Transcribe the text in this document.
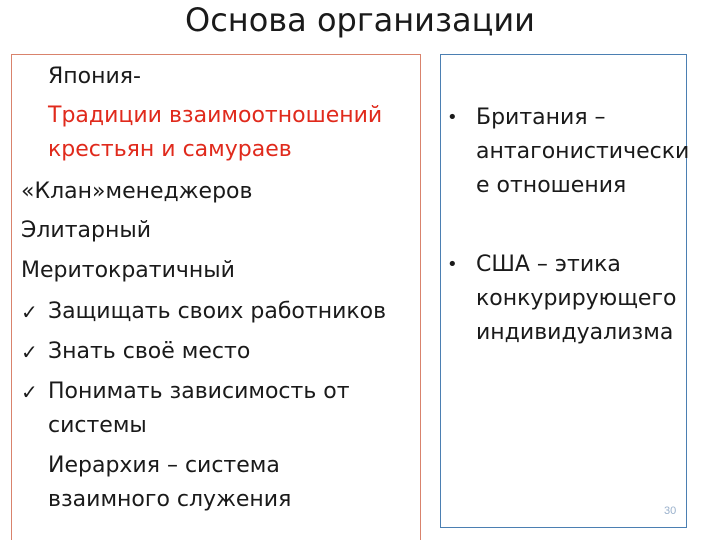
Основа организации
Япония-
Традиции взаимоотношений
крестьян и самураев
«Клан»менеджеров
Элитарный
Меритократичный
✓ Защищать своих работников
✓ Знать своё место
✓ Понимать зависимость от
системы
Иерархия – система
взаимного служения
• Британия –
антагонистически
е отношения
• США – этика
конкурирующего
индивидуализма
30
